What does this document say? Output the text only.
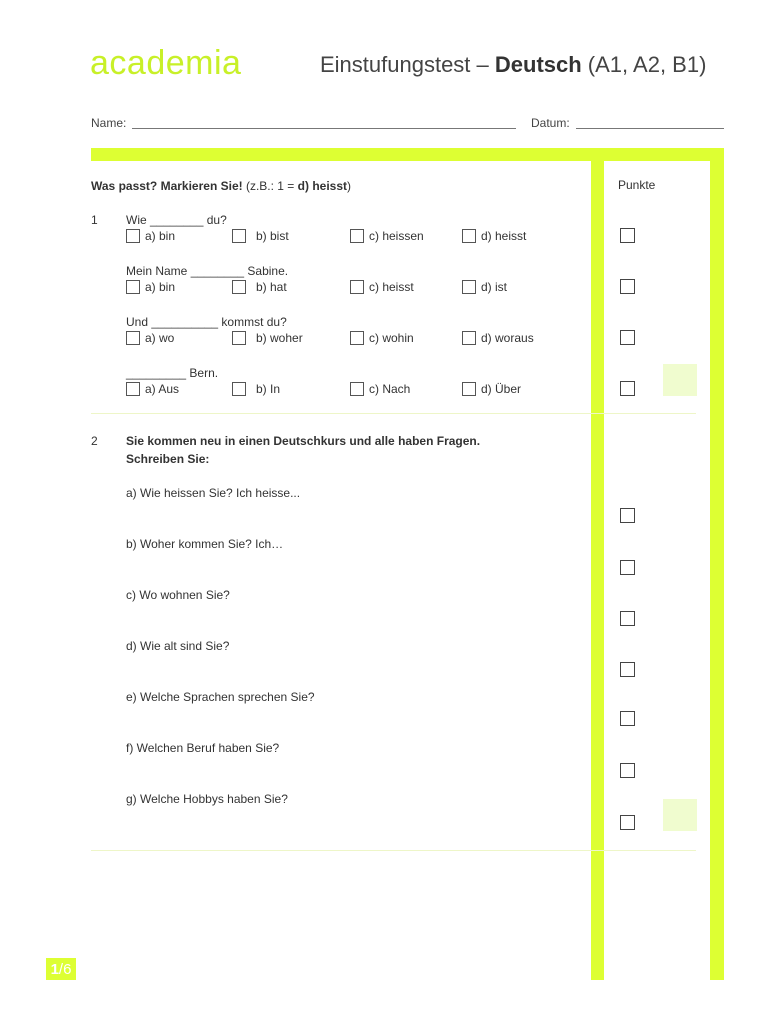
academia	Einstufungstest – Deutsch (A1, A2, B1)
Name:	Datum:
Punkte
Was passt? Markieren Sie! (z.B.: 1 = d) heisst)
1 Wie ________ du?
a) bin	b) bist	c) heissen	d) heisst
Mein Name ________ Sabine.
a) bin	b) hat	c) heisst	d) ist
Und __________ kommst du?
a) wo	b) woher	c) wohin	d) woraus
_________ Bern.
a) Aus	b) In	c) Nach	d) Über
2 Sie kommen neu in einen Deutschkurs und alle haben Fragen.
Schreiben Sie:
a) Wie heissen Sie? Ich heisse...
b) Woher kommen Sie? Ich…
c) Wo wohnen Sie?
d) Wie alt sind Sie?
e) Welche Sprachen sprechen Sie?
f) Welchen Beruf haben Sie?
g) Welche Hobbys haben Sie?
1 /6
